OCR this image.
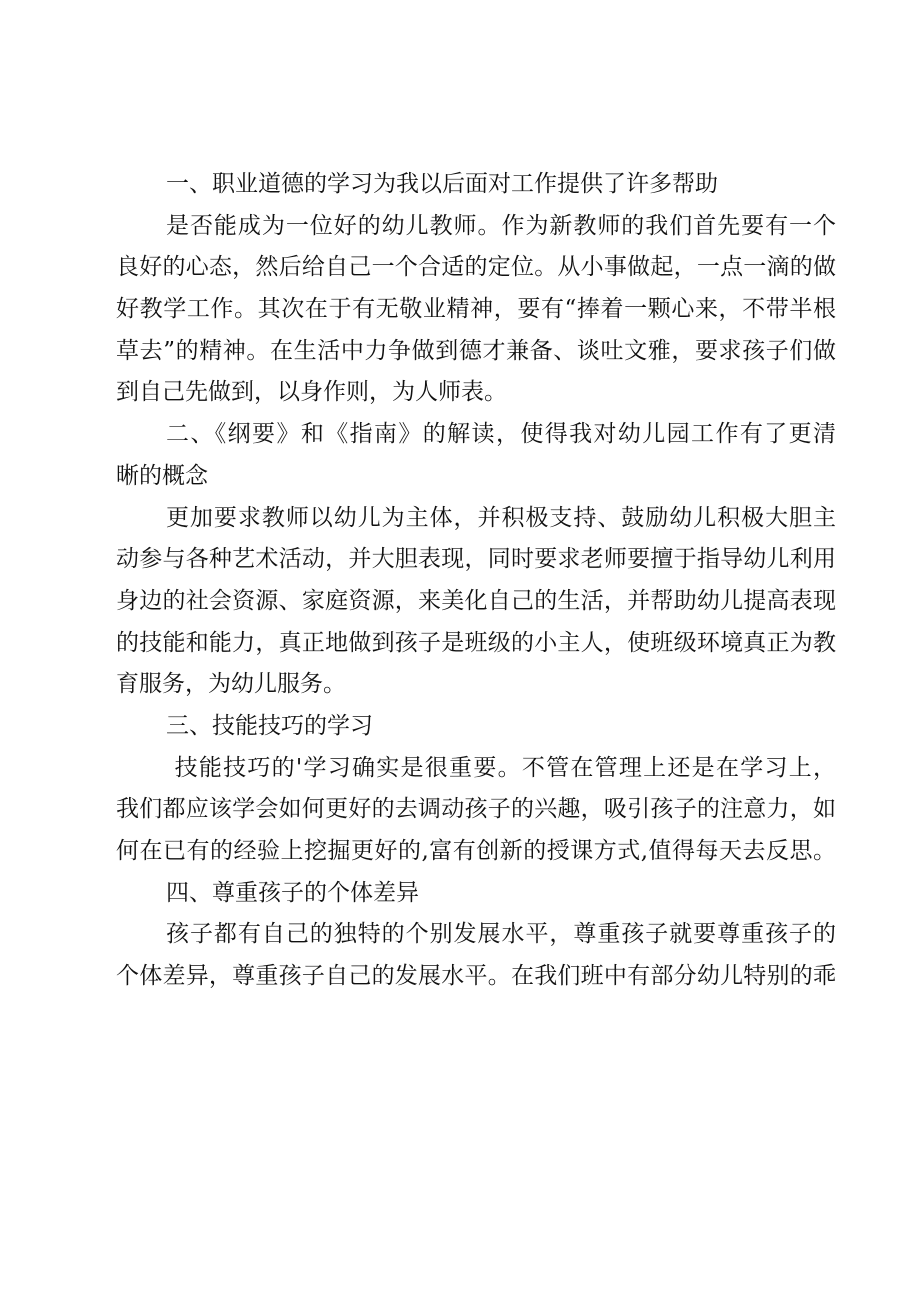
一、职业道德的学习为我以后面对工作提供了许多帮助
是否能成为一位好的幼儿教师。作为新教师的我们首先要有一个
良好的心态，然后给自己一个合适的定位。从小事做起，一点一滴的做
好教学工作。其次在于有无敬业精神，要有“捧着一颗心来，不带半根
草去”的精神。在生活中力争做到德才兼备、谈吐文雅，要求孩子们做
到自己先做到，以身作则，为人师表。
二、《纲要》和《指南》的解读，使得我对幼儿园工作有了更清
晰的概念
更加要求教师以幼儿为主体，并积极支持、鼓励幼儿积极大胆主
动参与各种艺术活动，并大胆表现，同时要求老师要擅于指导幼儿利用
身边的社会资源、家庭资源，来美化自己的生活，并帮助幼儿提高表现
的技能和能力，真正地做到孩子是班级的小主人，使班级环境真正为教
育服务，为幼儿服务。
三、技能技巧的学习
技能技巧的'学习确实是很重要。不管在管理上还是在学习上，
我们都应该学会如何更好的去调动孩子的兴趣，吸引孩子的注意力，如
何在已有的经验上挖掘更好的,富有创新的授课方式,值得每天去反思。
四、尊重孩子的个体差异
孩子都有自己的独特的个别发展水平，尊重孩子就要尊重孩子的
个体差异，尊重孩子自己的发展水平。在我们班中有部分幼儿特别的乖
